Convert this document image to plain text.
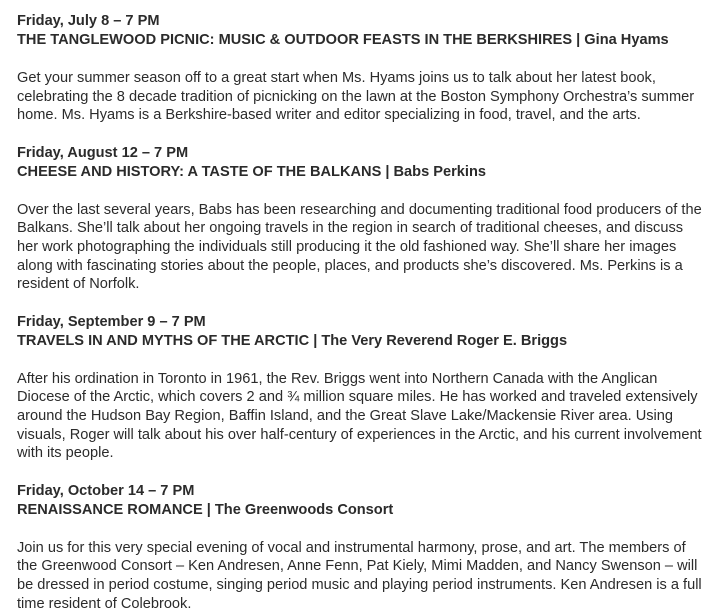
Friday, July 8 – 7 PM

THE TANGLEWOOD PICNIC: MUSIC & OUTDOOR FEASTS IN THE BERKSHIRES | Gina Hyams

Get your summer season off to a great start when Ms. Hyams joins us to talk about her latest book, celebrating the 8 decade tradition of picnicking on the lawn at the Boston Symphony Orchestra’s summer home. Ms. Hyams is a Berkshire-based writer and editor specializing in food, travel, and the arts.

Friday, August 12 – 7 PM

CHEESE AND HISTORY: A TASTE OF THE BALKANS | Babs Perkins

Over the last several years, Babs has been researching and documenting traditional food producers of the Balkans. She’ll talk about her ongoing travels in the region in search of traditional cheeses, and discuss her work photographing the individuals still producing it the old fashioned way. She’ll share her images along with fascinating stories about the people, places, and products she’s discovered. Ms. Perkins is a resident of Norfolk.

Friday, September 9 – 7 PM

TRAVELS IN AND MYTHS OF THE ARCTIC | The Very Reverend Roger E. Briggs

After his ordination in Toronto in 1961, the Rev. Briggs went into Northern Canada with the Anglican Diocese of the Arctic, which covers 2 and ¾ million square miles. He has worked and traveled extensively around the Hudson Bay Region, Baffin Island, and the Great Slave Lake/Mackensie River area. Using visuals, Roger will talk about his over half-century of experiences in the Arctic, and his current involvement with its people.

Friday, October 14 – 7 PM

RENAISSANCE ROMANCE | The Greenwoods Consort

Join us for this very special evening of vocal and instrumental harmony, prose, and art. The members of the Greenwood Consort – Ken Andresen, Anne Fenn, Pat Kiely, Mimi Madden, and Nancy Swenson – will be dressed in period costume, singing period music and playing period instruments. Ken Andresen is a full time resident of Colebrook.
